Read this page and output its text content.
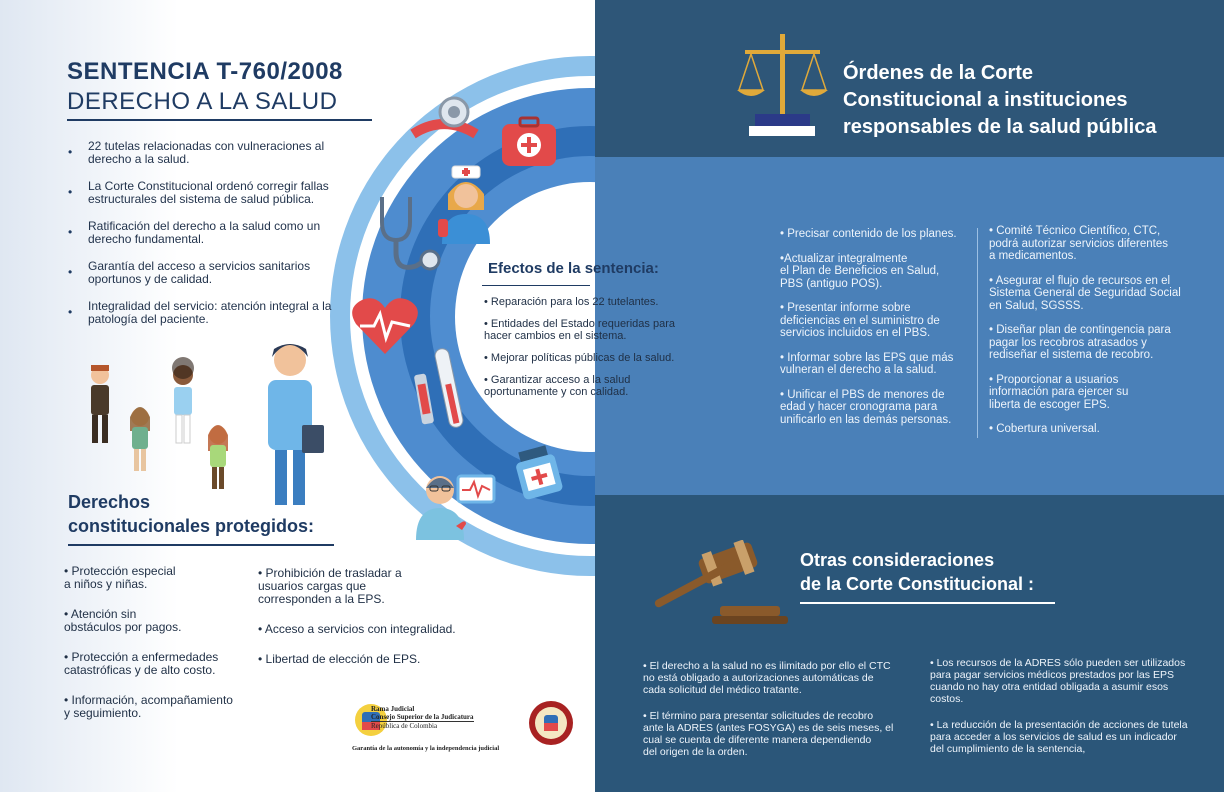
SENTENCIA T-760/2008
DERECHO A LA SALUD
• 22 tutelas relacionadas con vulneraciones al derecho a la salud.
• La Corte Constitucional ordenó corregir fallas estructurales del sistema de salud pública.
• Ratificación del derecho a la salud como un derecho fundamental.
• Garantía del acceso a servicios sanitarios oportunos y de calidad.
• Integralidad del servicio: atención integral a la patología del paciente.
Efectos de la sentencia:
• Reparación para los 22 tutelantes.
• Entidades del Estado requeridas para
hacer cambios en el sistema.
• Mejorar políticas públicas de la salud.
• Garantizar acceso a la salud
oportunamente y con calidad.
Derechos
constitucionales protegidos:
• Protección especial
a niños y niñas.
• Atención sin
obstáculos por pagos.
• Protección a enfermedades
catastróficas y de alto costo.
• Información, acompañamiento
y seguimiento.
• Prohibición de trasladar a
usuarios cargas que
corresponden a la EPS.
• Acceso a servicios con integralidad.
• Libertad de elección de EPS.
Rama Judicial
Consejo Superior de la Judicatura
República de Colombia
Garantía de la autonomía y la independencia judicial
Órdenes de la Corte
Constitucional a instituciones
responsables de la salud pública
• Precisar contenido de los planes.
•Actualizar integralmente
el Plan de Beneficios en Salud,
PBS (antiguo POS).
• Presentar informe sobre
deficiencias en el suministro de
servicios incluidos en el PBS.
• Informar sobre las EPS que más
vulneran el derecho a la salud.
• Unificar el PBS de menores de
edad y hacer cronograma para
unificarlo en las demás personas.
• Comité Técnico Científico, CTC,
podrá autorizar servicios diferentes
a medicamentos.
• Asegurar el flujo de recursos en el
Sistema General de Seguridad Social
en Salud, SGSSS.
• Diseñar plan de contingencia para
pagar los recobros atrasados y
rediseñar el sistema de recobro.
• Proporcionar a usuarios
información para ejercer su
liberta de escoger EPS.
• Cobertura universal.
Otras consideraciones
de la Corte Constitucional :
• El derecho a la salud no es ilimitado por ello el CTC
no está obligado a autorizaciones automáticas de
cada solicitud del médico tratante.
• El término para presentar solicitudes de recobro
ante la ADRES (antes FOSYGA) es de seis meses, el
cual se cuenta de diferente manera dependiendo
del origen de la orden.
• Los recursos de la ADRES sólo pueden ser utilizados
para pagar servicios médicos prestados por las EPS
cuando no hay otra entidad obligada a asumir esos costos.
• La reducción de la presentación de acciones de tutela
para acceder a los servicios de salud es un indicador
del cumplimiento de la sentencia,
